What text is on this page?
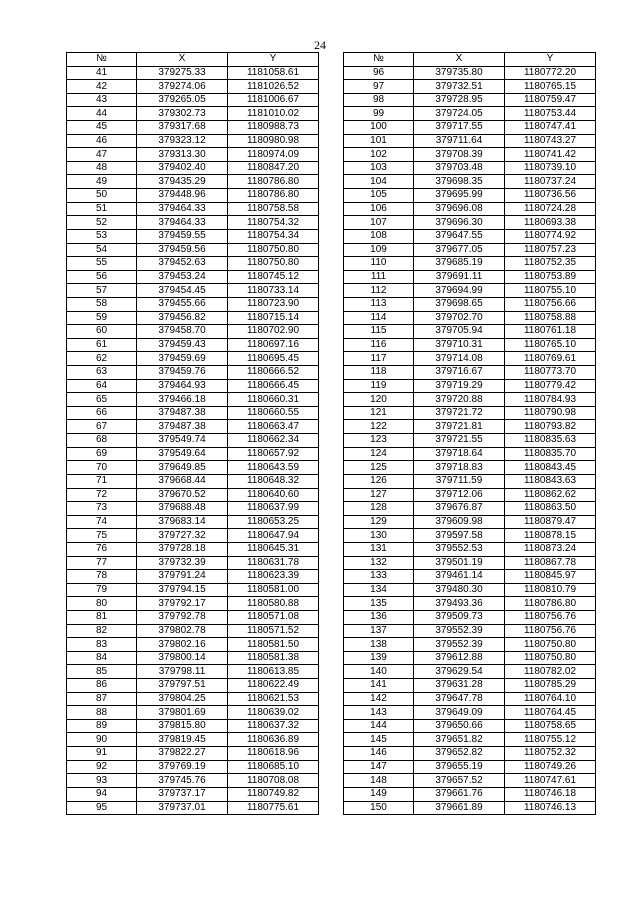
24
№	X	Y
41	379275.33	1181058.61
42	379274.06	1181026.52
43	379265.05	1181006.67
44	379302.73	1181010.02
45	379317.68	1180988.73
46	379323.12	1180980.98
47	379313.30	1180974.09
48	379402.40	1180847.20
49	379435.29	1180786.80
50	379448.96	1180786.80
51	379464.33	1180758.58
52	379464.33	1180754.32
53	379459.55	1180754.34
54	379459.56	1180750.80
55	379452.63	1180750.80
56	379453.24	1180745.12
57	379454.45	1180733.14
58	379455.66	1180723.90
59	379456.82	1180715.14
60	379458.70	1180702.90
61	379459.43	1180697.16
62	379459.69	1180695.45
63	379459.76	1180666.52
64	379464.93	1180666.45
65	379466.18	1180660.31
66	379487.38	1180660.55
67	379487.38	1180663.47
68	379549.74	1180662.34
69	379549.64	1180657.92
70	379649.85	1180643.59
71	379668.44	1180648.32
72	379670.52	1180640.60
73	379688.48	1180637.99
74	379683.14	1180653.25
75	379727.32	1180647.94
76	379728.18	1180645.31
77	379732.39	1180631.78
78	379791.24	1180623.39
79	379794.15	1180581.00
80	379792.17	1180580.88
81	379792.78	1180571.08
82	379802.78	1180571.52
83	379802.16	1180581.50
84	379800.14	1180581.38
85	379798.11	1180613.85
86	379797.51	1180622.49
87	379804.25	1180621.53
88	379801.69	1180639.02
89	379815.80	1180637.32
90	379819.45	1180636.89
91	379822.27	1180618.96
92	379769.19	1180685.10
93	379745.76	1180708.08
94	379737.17	1180749.82
95	379737.01	1180775.61
№	X	Y
96	379735.80	1180772.20
97	379732.51	1180765.15
98	379728.95	1180759.47
99	379724.05	1180753.44
100	379717.55	1180747.41
101	379711.64	1180743.27
102	379708.39	1180741.42
103	379703.48	1180739.10
104	379698.35	1180737.24
105	379695.99	1180736.56
106	379696.08	1180724.28
107	379696.30	1180693.38
108	379647.55	1180774.92
109	379677.05	1180757.23
110	379685.19	1180752.35
111	379691.11	1180753.89
112	379694.99	1180755.10
113	379698.65	1180756.66
114	379702.70	1180758.88
115	379705.94	1180761.18
116	379710.31	1180765.10
117	379714.08	1180769.61
118	379716.67	1180773.70
119	379719.29	1180779.42
120	379720.88	1180784.93
121	379721.72	1180790.98
122	379721.81	1180793.82
123	379721.55	1180835.63
124	379718.64	1180835.70
125	379718.83	1180843.45
126	379711.59	1180843.63
127	379712.06	1180862.62
128	379676.87	1180863.50
129	379609.98	1180879.47
130	379597.58	1180878.15
131	379552.53	1180873.24
132	379501.19	1180867.78
133	379461.14	1180845.97
134	379480.30	1180810.79
135	379493.36	1180786.80
136	379509.73	1180756.76
137	379552.39	1180756.76
138	379552.39	1180750.80
139	379612.88	1180750.80
140	379629.54	1180782.02
141	379631.28	1180785.29
142	379647.78	1180764.10
143	379649.09	1180764.45
144	379650.66	1180758.65
145	379651.82	1180755.12
146	379652.82	1180752.32
147	379655.19	1180749.26
148	379657.52	1180747.61
149	379661.76	1180746.18
150	379661.89	1180746.13
